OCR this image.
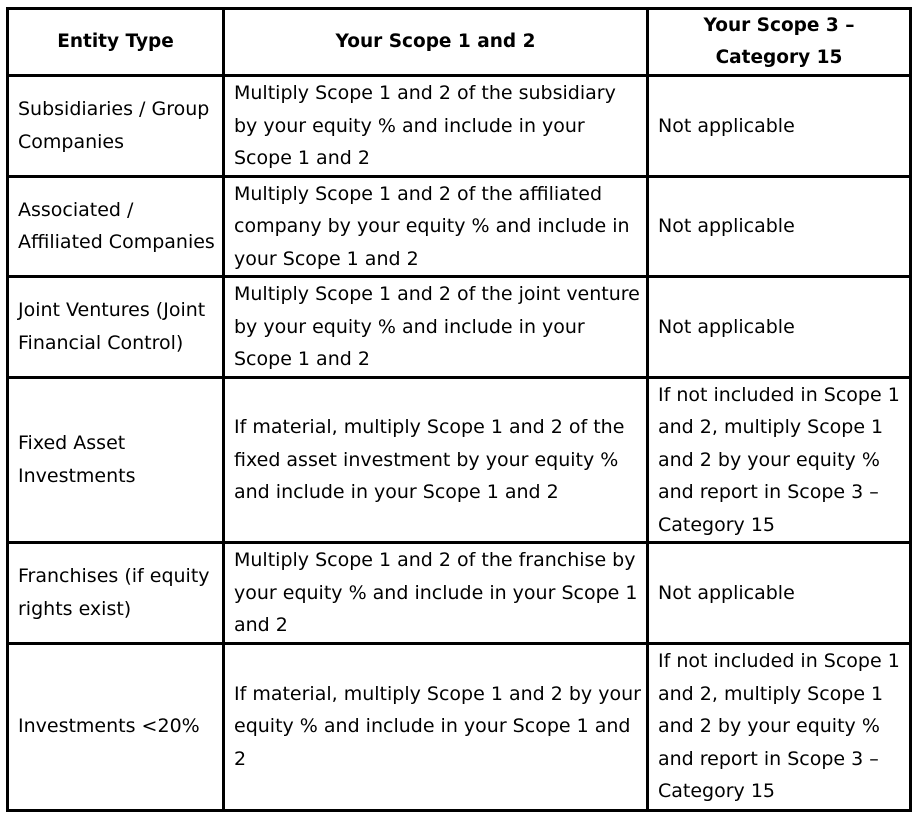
Entity Type	Your Scope 1 and 2	Your Scope 3 – Category 15
Subsidiaries / Group Companies	Multiply Scope 1 and 2 of the subsidiary by your equity % and include in your Scope 1 and 2	Not applicable
Associated / Affiliated Companies	Multiply Scope 1 and 2 of the affiliated company by your equity % and include in your Scope 1 and 2	Not applicable
Joint Ventures (Joint Financial Control)	Multiply Scope 1 and 2 of the joint venture by your equity % and include in your Scope 1 and 2	Not applicable
Fixed Asset Investments	If material, multiply Scope 1 and 2 of the fixed asset investment by your equity % and include in your Scope 1 and 2	If not included in Scope 1 and 2, multiply Scope 1 and 2 by your equity % and report in Scope 3 – Category 15
Franchises (if equity rights exist)	Multiply Scope 1 and 2 of the franchise by your equity % and include in your Scope 1 and 2	Not applicable
Investments <20%	If material, multiply Scope 1 and 2 by your equity % and include in your Scope 1 and 2	If not included in Scope 1 and 2, multiply Scope 1 and 2 by your equity % and report in Scope 3 – Category 15
